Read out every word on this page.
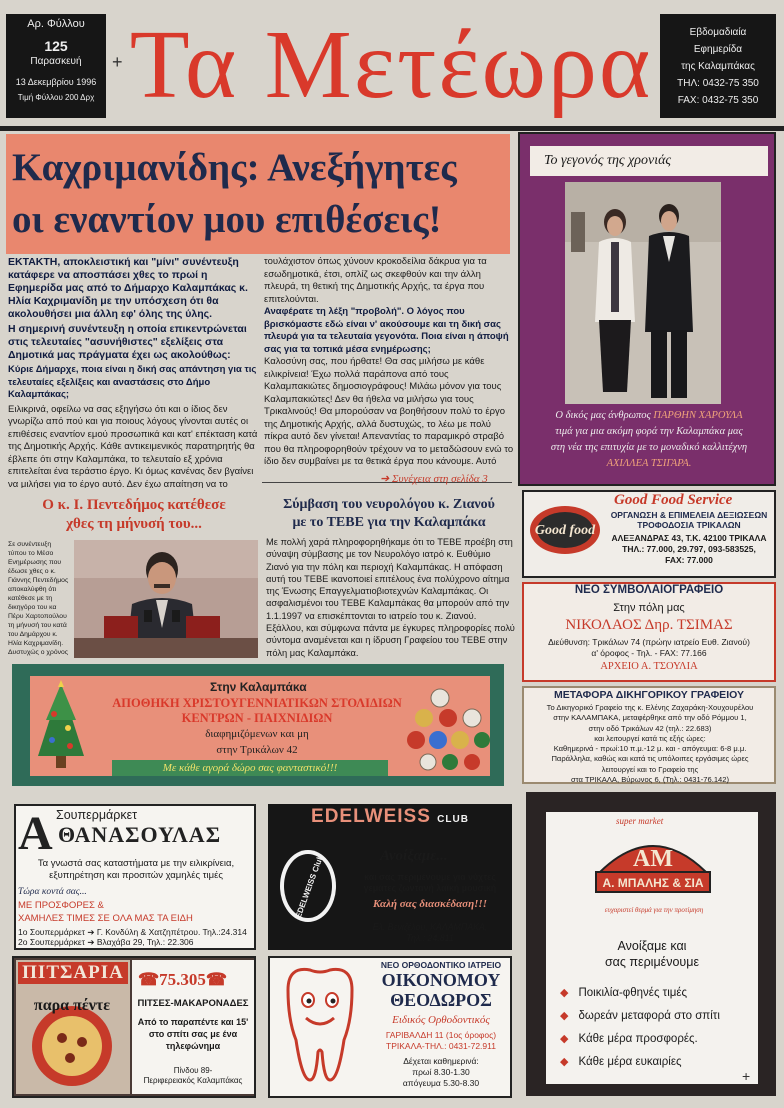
Αρ. Φύλλου
125
Παρασκευή
13 Δεκεμβρίου 1996
Τιμή Φύλλου 200 Δρχ
+ Τα Μετέωρα	Εβδομαδιαία
Εφημερίδα
της Καλαμπάκας
ΤΗΛ: 0432-75 350
FAX: 0432-75 350
Καχριμανίδης: Ανεξήγητες
οι εναντίον μου επιθέσεις!
ΕΚΤΑΚΤΗ, αποκλειστική και "μίνι" συνέντευξη κατάφερε να αποσπάσει χθες το πρωί η Εφημερίδα μας από το Δήμαρχο Καλαμπάκας κ. Ηλία Καχριμανίδη με την υπόσχεση ότι θα ακολουθήσει μια άλλη εφ' όλης της ύλης.
Η σημερινή συνέντευξη η οποία επικεντρώνεται στις τελευταίες "ασυνήθιστες" εξελίξεις στα Δημοτικά μας πράγματα έχει ως ακολούθως:
Κύριε Δήμαρχε, ποια είναι η δική σας απάντηση για τις τελευταίες εξελίξεις και αναστάσεις στο Δήμο Καλαμπάκας;
Ειλικρινά, οφείλω να σας εξηγήσω ότι και ο ίδιος δεν γνωρίζω από πού και για ποιους λόγους γίνονται αυτές οι επιθέσεις εναντίον εμού προσωπικά και κατ' επέκταση κατά της Δημοτικής Αρχής. Κάθε αντικειμενικός παρατηρητής θα έβλεπε ότι στην Καλαμπάκα, το τελευταίο εξ χρόνια επιτελείται ένα τεράστιο έργο. Κι όμως κανένας δεν βγαίνει να μιλήσει για το έργο αυτό. Δεν έχω απαίτηση να το
τουλάχιστον όπως χύνουν κροκοδείλια δάκρυα για τα εσωδημοτικά, έτσι, οπλίζ ως σκεφθούν και την άλλη πλευρά, τη θετική της Δημοτικής Αρχής, τα έργα που επιτελούνται.
Αναφέρατε τη λέξη "προβολή". Ο λόγος που βρισκόμαστε εδώ είναι ν' ακούσουμε και τη δική σας πλευρά για τα τελευταία γεγονότα. Ποια είναι η άποψή σας για τα τοπικά μέσα ενημέρωσης;
Καλοσύνη σας, που ήρθατε! Θα σας μιλήσω με κάθε ειλικρίνεια! Έχω πολλά παράπονα από τους Καλαμπακιώτες δημοσιογράφους! Μιλάω μόνον για τους Καλαμπακιώτες! Δεν θα ήθελα να μιλήσω για τους Τρικαλινούς! Θα μπορούσαν να βοηθήσουν πολύ το έργο της Δημοτικής Αρχής, αλλά δυστυχώς, το λέω με πολύ πίκρα αυτό δεν γίνεται! Απεναντίας το παραμικρό στραβό που θα πληροφορηθούν τρέχουν να το μεταδώσουν ενώ το ίδιο δεν συμβαίνει με τα θετικά έργα που κάνουμε. Αυτό
➔ Συνέχεια στη σελίδα 3
Το γεγονός της χρονιάς
Ο δικός μας άνθρωπος ΠΑΡΘΗΝ ΧΑΡΟΥΛΑ
τιμά για μια ακόμη φορά την Καλαμπάκα μας
στη νέα της επιτυχία με το μοναδικό καλλιτέχνη
ΑΧΙΛΛΕΑ ΤΣΙΓΑΡΑ.
Ο κ. Ι. Πεντεδήμος κατέθεσε
χθες τη μήνυσή του...
Σε συνέντευξη τύπου το Μέσο Ενημέρωσης που έδωσε χθες ο κ. Γιάννης Πεντεδήμος αποκαλύφθη ότι κατέθεσε με τη δικηγόρο του κα Πέρυ Χαρτοπούλου τη μήνυσή του κατά του Δημάρχου κ. Ηλία Καχριμανίδη. Δυστυχώς ο χρόνος
Σύμβαση του νευρολόγου κ. Ζιανού
με το ΤΕΒΕ για την Καλαμπάκα
Με πολλή χαρά πληροφορηθήκαμε ότι το ΤΕΒΕ προέβη στη σύναψη σύμβασης με τον Νευρολόγο ιατρό κ. Ευθύμιο Ζιανό για την πόλη και περιοχή Καλαμπάκας. Η απόφαση αυτή του ΤΕΒΕ ικανοποιεί επιτέλους ένα πολύχρονο αίτημα της Ένωσης Επαγγελματιοβιοτεχνών Καλαμπάκας. Οι ασφαλισμένοι του ΤΕΒΕ Καλαμπάκας θα μπορούν από την 1.1.1997 να επισκέπτονται το ιατρείο του κ. Ζιανού. Εξάλλου, και σύμφωνα πάντα με έγκυρες πληροφορίες πολύ σύντομα αναμένεται και η ίδρυση Γραφείου του ΤΕΒΕ στην πόλη μας Καλαμπάκα.
Good Food Service
ΟΡΓΑΝΩΣΗ & ΕΠΙΜΕΛΕΙΑ ΔΕΞΙΩΣΕΩΝ ΤΡΟΦΟΔΟΣΙΑ ΤΡΙΚΑΛΩΝ
Good food	ΑΛΕΞΑΝΔΡΑΣ 43, Τ.Κ. 42100 ΤΡΙΚΑΛΑ
ΤΗΛ.: 77.000, 29.797, 093-583525,
FAX: 77.000
Στην Καλαμπάκα
ΑΠΟΘΗΚΗ ΧΡΙΣΤΟΥΓΕΝΝΙΑΤΙΚΩΝ ΣΤΟΛΙΔΙΩΝ
ΚΕΝΤΡΩΝ - ΠΑΙΧΝΙΔΙΩΝ
διαφημιζόμενων και μη
στην Τρικάλων 42
Με κάθε αγορά δώρο σας φανταστικό!!!
ΝΕΟ ΣΥΜΒΟΛΑΙΟΓΡΑΦΕΙΟ
Στην πόλη μας
ΝΙΚΟΛΑΟΣ Δηρ. ΤΣΙΜΑΣ
Διεύθυνση: Τρικάλων 74 (πρώην ιατρείο Ευθ. Ζιανού)
α' όροφος - Τηλ. - FAX: 77.166
ΑΡΧΕΙΟ Α. ΤΣΟΥΛΙΑ
ΜΕΤΑΦΟΡΑ ΔΙΚΗΓΟΡΙΚΟΥ ΓΡΑΦΕΙΟΥ
Το Δικηγορικό Γραφείο της κ. Ελένης Ζαχαράκη-Χουχουρέλου
στην ΚΑΛΑΜΠΑΚΑ, μεταφέρθηκε από την οδό Ρόμμου 1,
στην οδό Τρικάλων 42 (τηλ.: 22.683)
και λειτουργεί κατά τις εξής ώρες:
Καθημερινά - πρωί:10 π.μ.-12 μ. και - απόγευμα: 6-8 μ.μ.
Παράλληλα, καθώς και κατά τις υπόλοιπες εργάσιμες ώρες
λειτουργεί και το Γραφείο της
στα ΤΡΙΚΑΛΑ, Βύρωνος 6, (Τηλ.: 0431-76.142)
Α Σουπερμάρκετ
ΘΑΝΑΣΟΥΛΑΣ
Τα γνωστά σας καταστήματα με την ειλικρίνεια, εξυπηρέτηση και προσιτών χαμηλές τιμές
Τώρα κοντά σας...
ΜΕ ΠΡΟΣΦΟΡΕΣ &
ΧΑΜΗΛΕΣ ΤΙΜΕΣ ΣΕ ΟΛΑ ΜΑΣ ΤΑ ΕΙΔΗ
1ο Σουπερμάρκετ ➔ Γ. Κονδύλη & Χατζηπέτρου. Τηλ.:24.314
2ο Σουπερμάρκετ ➔ Βλαχάβα 29, Τηλ.: 22.306
EDELWEISS CLUB
EDELWEISS Club	Ανοίξαμε...
και σας περιμένουμε για νύχτες γεμάτες ζωντανή λαϊκή μουσική
Καλή σας διασκέδαση!!!
Ελ. Βενιζέλου, ΚΑΛΑΜΠΑΚΑ,
Τηλ.: 24.811
super market
ΑΜ
Α. ΜΠΑΛΗΣ & ΣΙΑ
ευχαριστεί θερμά για την προτίμηση
Ανοίξαμε και
σας περιμένουμε
◆ Ποικιλία-φθηνές τιμές
◆ δωρεάν μεταφορά στο σπίτι
◆ Κάθε μέρα προσφορές.
◆ Κάθε μέρα ευκαιρίες
+
ΠΙΤΣΑΡΙΑ
παρα πέντε
☎75.305☎
ΠΙΤΣΕΣ-ΜΑΚΑΡΟΝΑΔΕΣ
Από το παραπέντε και 15' στο σπίτι σας με ένα τηλεφώνημα
Πίνδου 89-
Περιφερειακός Καλαμπάκας
ΝΕΟ ΟΡΘΟΔΟΝΤΙΚΟ ΙΑΤΡΕΙΟ
ΟΙΚΟΝΟΜΟΥ
ΘΕΟΔΩΡΟΣ
Ειδικός Ορθοδοντικός
ΓΑΡΙΒΑΛΔΗ 11 (1ος όροφος)
ΤΡΙΚΑΛΑ-ΤΗΛ.: 0431-72.911
Δέχεται καθημερινά:
πρωί 8.30-1.30
απόγευμα 5.30-8.30
